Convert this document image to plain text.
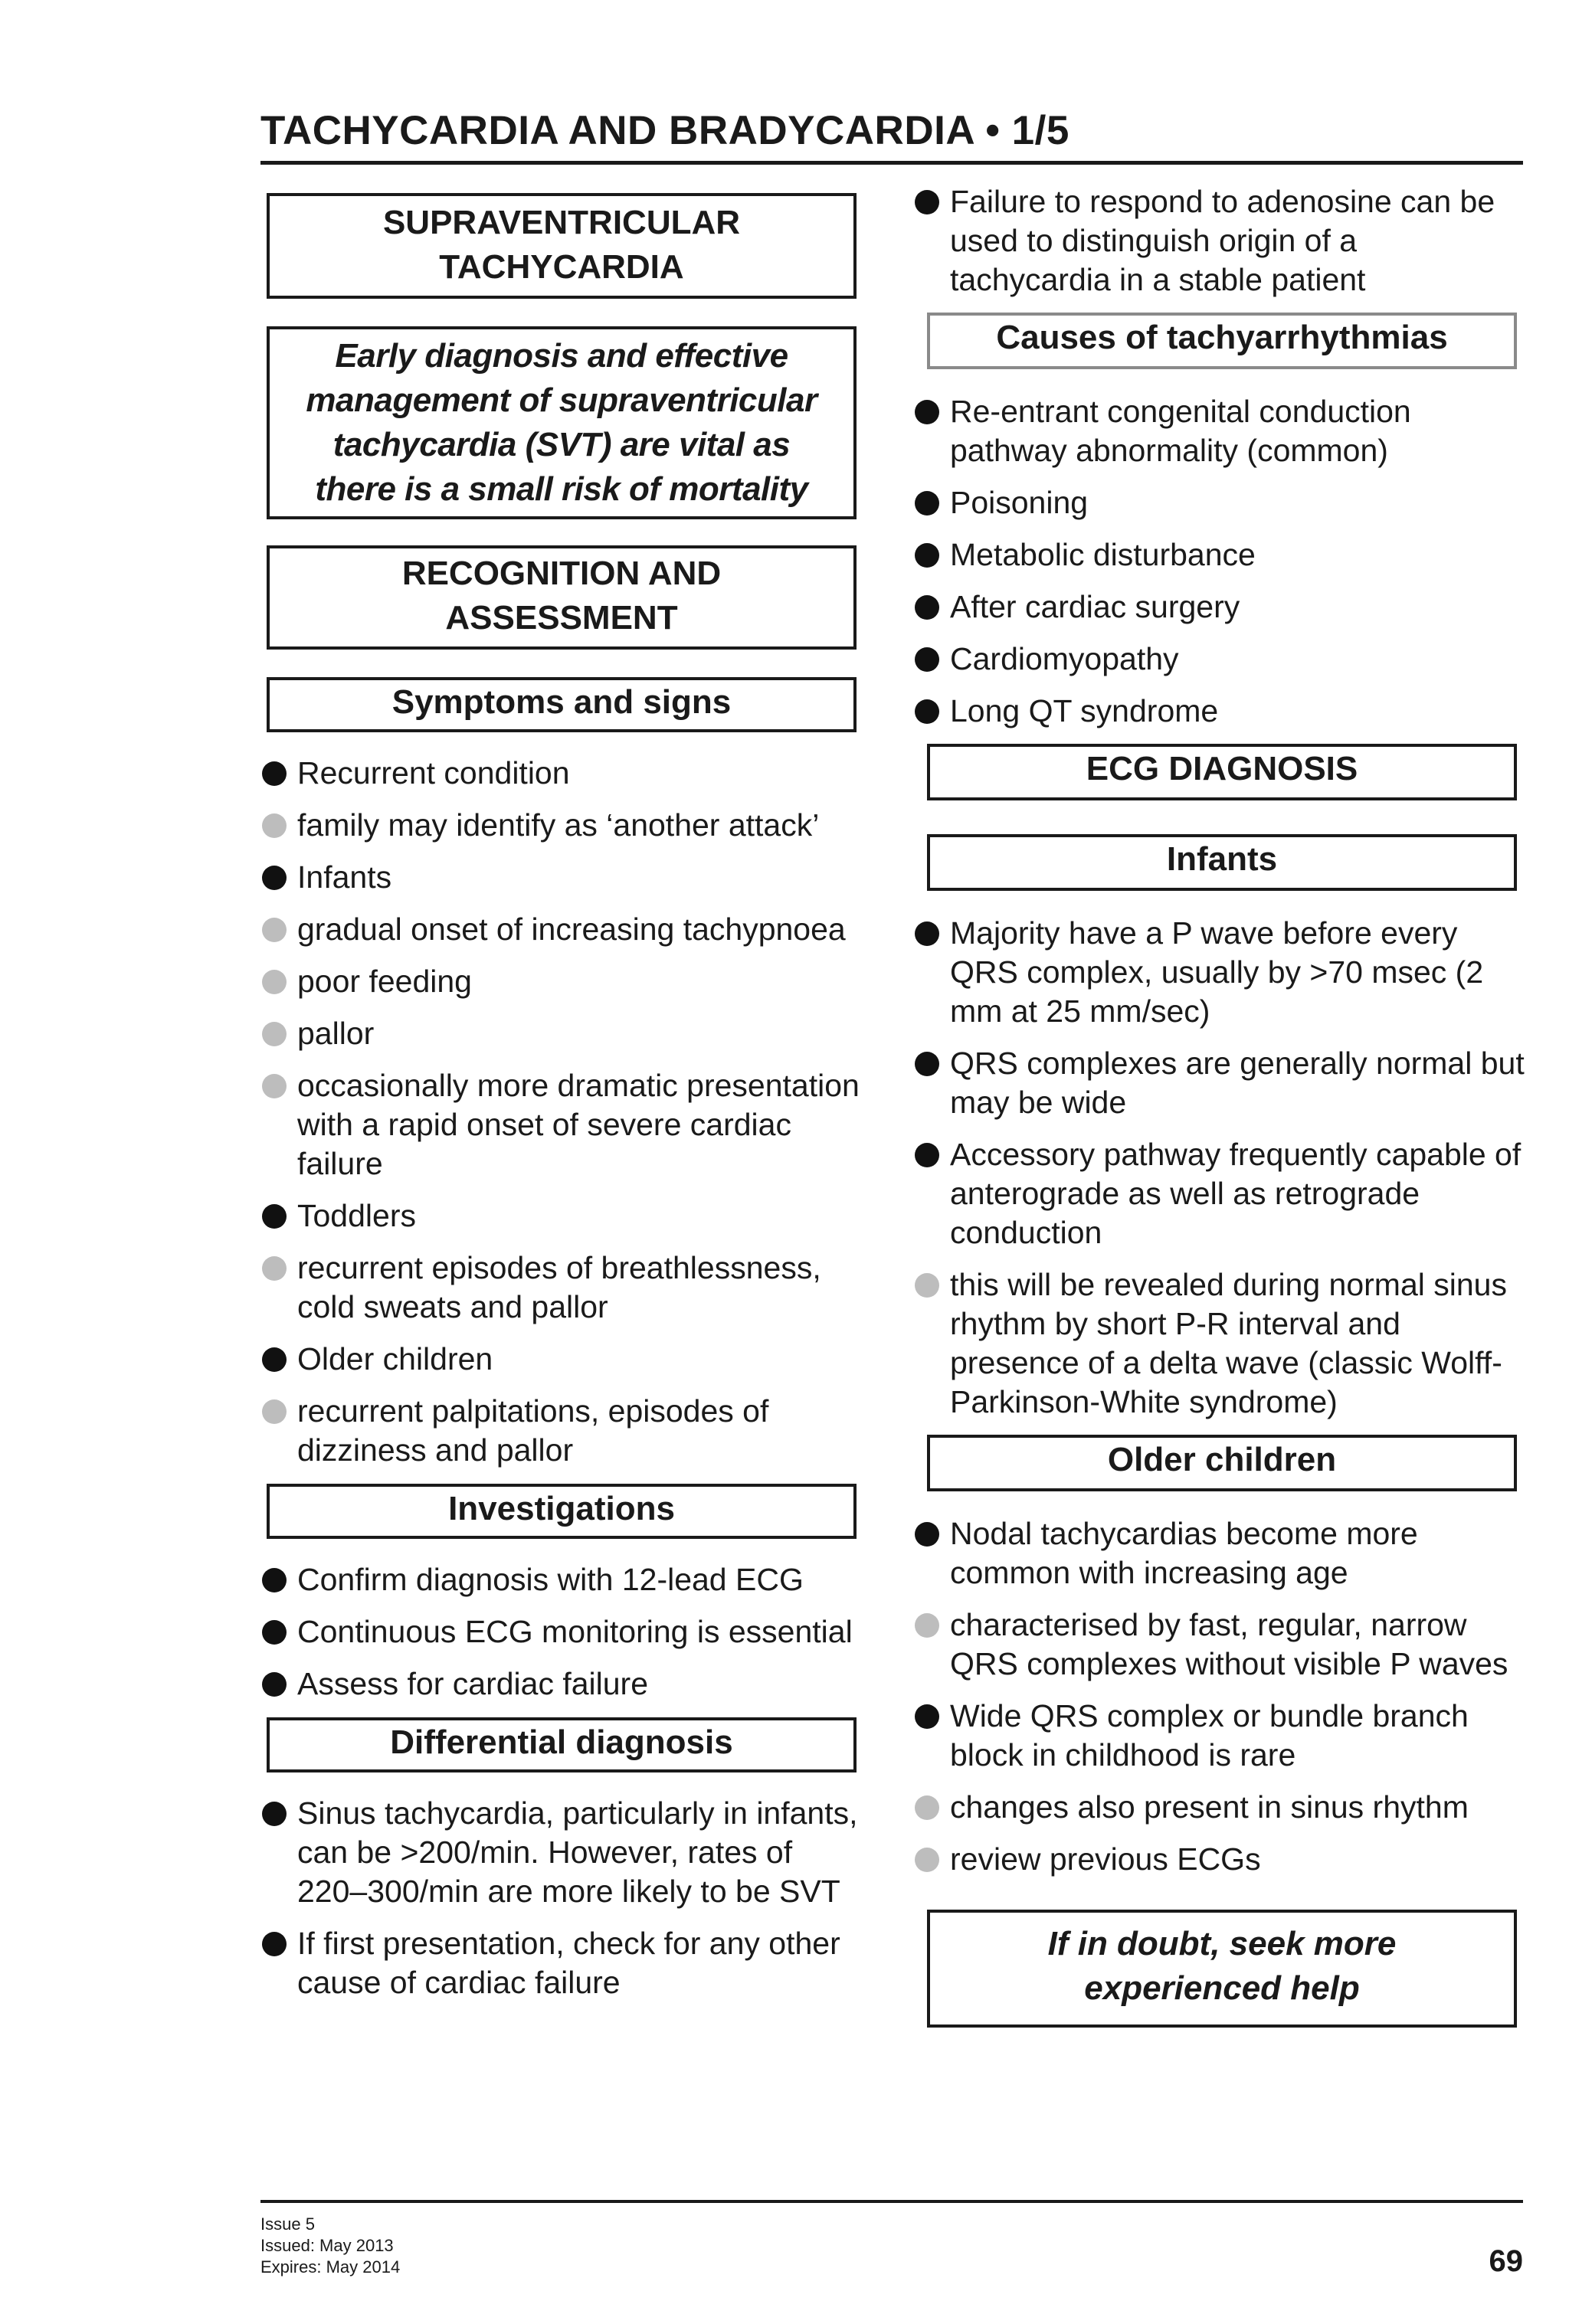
TACHYCARDIA AND BRADYCARDIA • 1/5
SUPRAVENTRICULAR
TACHYCARDIA
Early diagnosis and effective
management of supraventricular
tachycardia (SVT) are vital as
there is a small risk of mortality
RECOGNITION AND
ASSESSMENT
Symptoms and signs
Recurrent condition
family may identify as ‘another attack’
Infants
gradual onset of increasing tachypnoea
poor feeding
pallor
occasionally more dramatic presentation with a rapid onset of severe cardiac failure
Toddlers
recurrent episodes of breathlessness, cold sweats and pallor
Older children
recurrent palpitations, episodes of dizziness and pallor
Investigations
Confirm diagnosis with 12-lead ECG
Continuous ECG monitoring is essential
Assess for cardiac failure
Differential diagnosis
Sinus tachycardia, particularly in infants, can be >200/min. However, rates of 220–300/min are more likely to be SVT
If first presentation, check for any other cause of cardiac failure
Failure to respond to adenosine can be used to distinguish origin of a tachycardia in a stable patient
Causes of tachyarrhythmias
Re-entrant congenital conduction pathway abnormality (common)
Poisoning
Metabolic disturbance
After cardiac surgery
Cardiomyopathy
Long QT syndrome
ECG DIAGNOSIS
Infants
Majority have a P wave before every QRS complex, usually by >70 msec (2 mm at 25 mm/sec)
QRS complexes are generally normal but may be wide
Accessory pathway frequently capable of anterograde as well as retrograde conduction
this will be revealed during normal sinus rhythm by short P-R interval and presence of a delta wave (classic Wolff-Parkinson-White syndrome)
Older children
Nodal tachycardias become more common with increasing age
characterised by fast, regular, narrow QRS complexes without visible P waves
Wide QRS complex or bundle branch block in childhood is rare
changes also present in sinus rhythm
review previous ECGs
If in doubt, seek more
experienced help
Issue 5
Issued: May 2013
Expires: May 2014	69
